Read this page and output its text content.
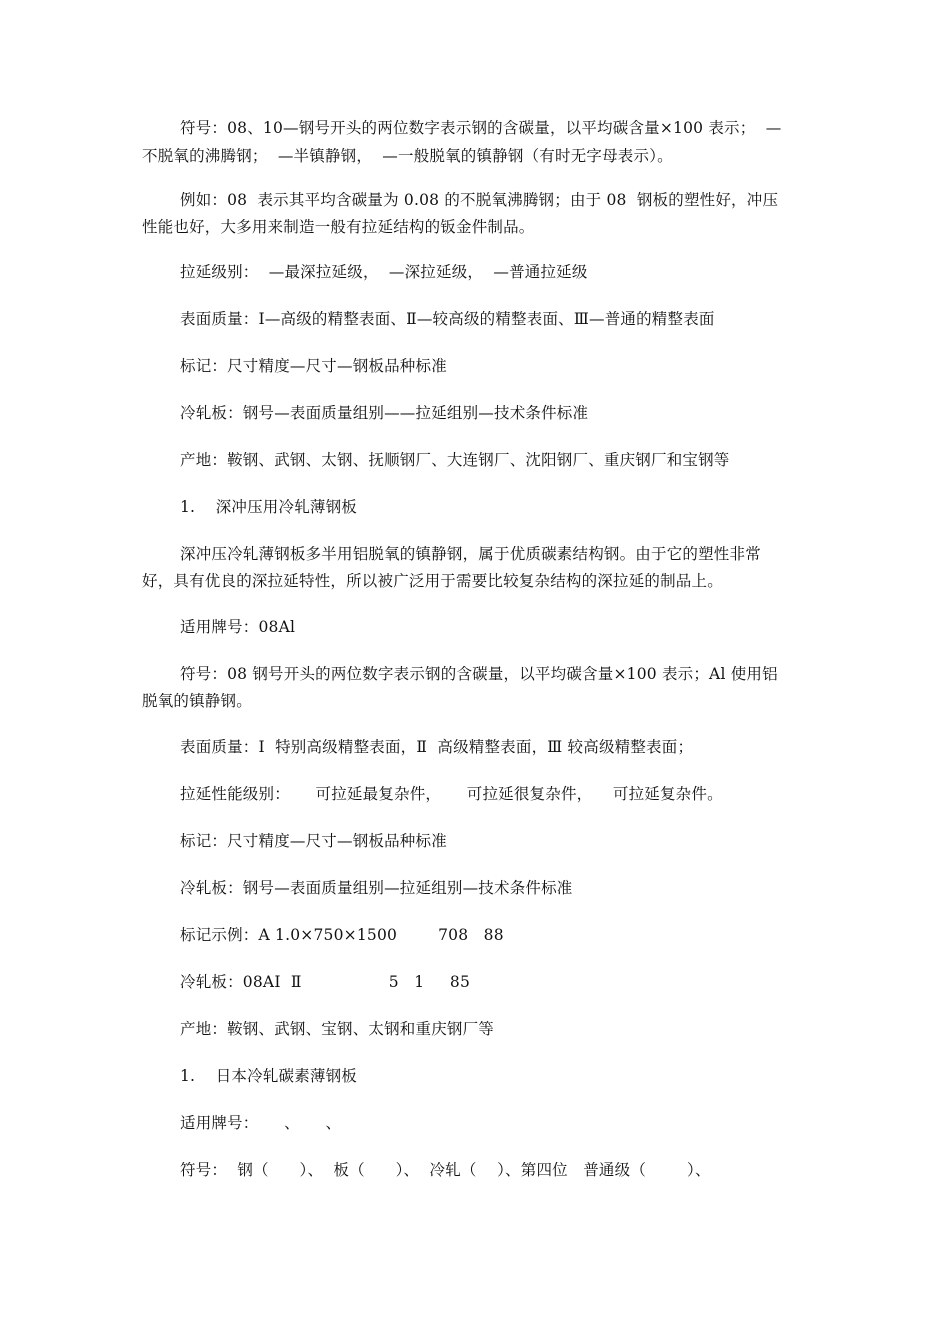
符号：08、10—钢号开头的两位数字表示钢的含碳量，以平均碳含量×100 表示；  —
不脱氧的沸腾钢；  —半镇静钢，  —一般脱氧的镇静钢（有时无字母表示）。
例如：08  表示其平均含碳量为 0.08 的不脱氧沸腾钢；由于 08  钢板的塑性好，冲压
性能也好，大多用来制造一般有拉延结构的钣金件制品。
拉延级别：  —最深拉延级，  —深拉延级，  —普通拉延级
表面质量：Ⅰ—高级的精整表面、Ⅱ—较高级的精整表面、Ⅲ—普通的精整表面
标记：尺寸精度—尺寸—钢板品种标准
冷轧板：钢号—表面质量组别——拉延组别—技术条件标准
产地：鞍钢、武钢、太钢、抚顺钢厂、大连钢厂、沈阳钢厂、重庆钢厂和宝钢等
1.    深冲压用冷轧薄钢板
深冲压冷轧薄钢板多半用铝脱氧的镇静钢，属于优质碳素结构钢。由于它的塑性非常
好，具有优良的深拉延特性，所以被广泛用于需要比较复杂结构的深拉延的制品上。
适用牌号：08Al
符号：08 钢号开头的两位数字表示钢的含碳量，以平均碳含量×100 表示；Al 使用铝
脱氧的镇静钢。
表面质量：Ⅰ  特别高级精整表面，Ⅱ  高级精整表面，Ⅲ 较高级精整表面；
拉延性能级别：     可拉延最复杂件，     可拉延很复杂件，    可拉延复杂件。
标记：尺寸精度—尺寸—钢板品种标准
冷轧板：钢号—表面质量组别—拉延组别—技术条件标准
标记示例：A 1.0×750×1500        708   88
冷轧板：08AⅠ  Ⅱ                 5   1     85
产地：鞍钢、武钢、宝钢、太钢和重庆钢厂等
1.    日本冷轧碳素薄钢板
适用牌号：     、     、
符号：  钢（      ）、  板（      ）、  冷轧（    ）、第四位   普通级（        ）、
